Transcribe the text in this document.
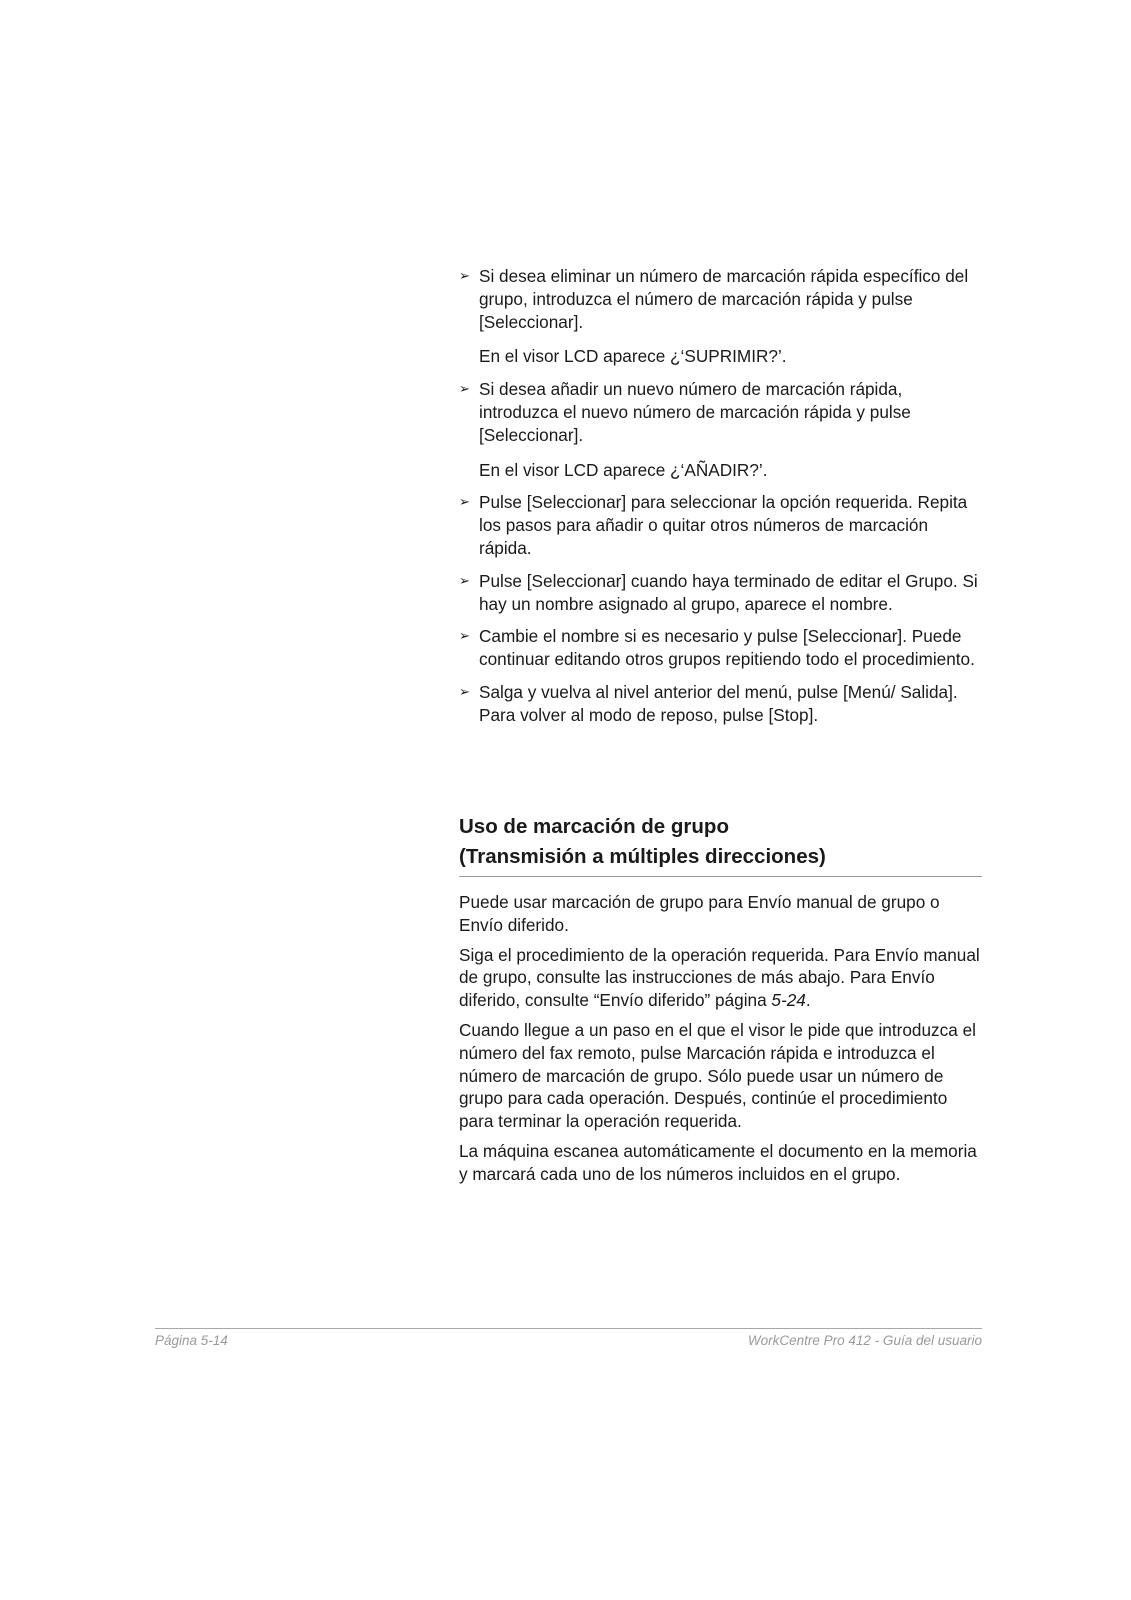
➢ Si desea eliminar un número de marcación rápida específico del grupo, introduzca el número de marcación rápida y pulse [Seleccionar].

En el visor LCD aparece ¿‘SUPRIMIR?’.

➢ Si desea añadir un nuevo número de marcación rápida, introduzca el nuevo número de marcación rápida y pulse [Seleccionar].

En el visor LCD aparece ¿‘AÑADIR?’.

➢ Pulse [Seleccionar] para seleccionar la opción requerida. Repita los pasos para añadir o quitar otros números de marcación rápida.

➢ Pulse [Seleccionar] cuando haya terminado de editar el Grupo. Si hay un nombre asignado al grupo, aparece el nombre.

➢ Cambie el nombre si es necesario y pulse [Seleccionar]. Puede continuar editando otros grupos repitiendo todo el procedimiento.

➢ Salga y vuelva al nivel anterior del menú, pulse [Menú/ Salida]. Para volver al modo de reposo, pulse [Stop].

Uso de marcación de grupo
(Transmisión a múltiples direcciones)

Puede usar marcación de grupo para Envío manual de grupo o Envío diferido.

Siga el procedimiento de la operación requerida. Para Envío manual de grupo, consulte las instrucciones de más abajo. Para Envío diferido, consulte “Envío diferido” página 5-24.

Cuando llegue a un paso en el que el visor le pide que introduzca el número del fax remoto, pulse Marcación rápida e introduzca el número de marcación de grupo. Sólo puede usar un número de grupo para cada operación. Después, continúe el procedimiento para terminar la operación requerida.

La máquina escanea automáticamente el documento en la memoria y marcará cada uno de los números incluidos en el grupo.

Página 5-14	WorkCentre Pro 412 - Guía del usuario
